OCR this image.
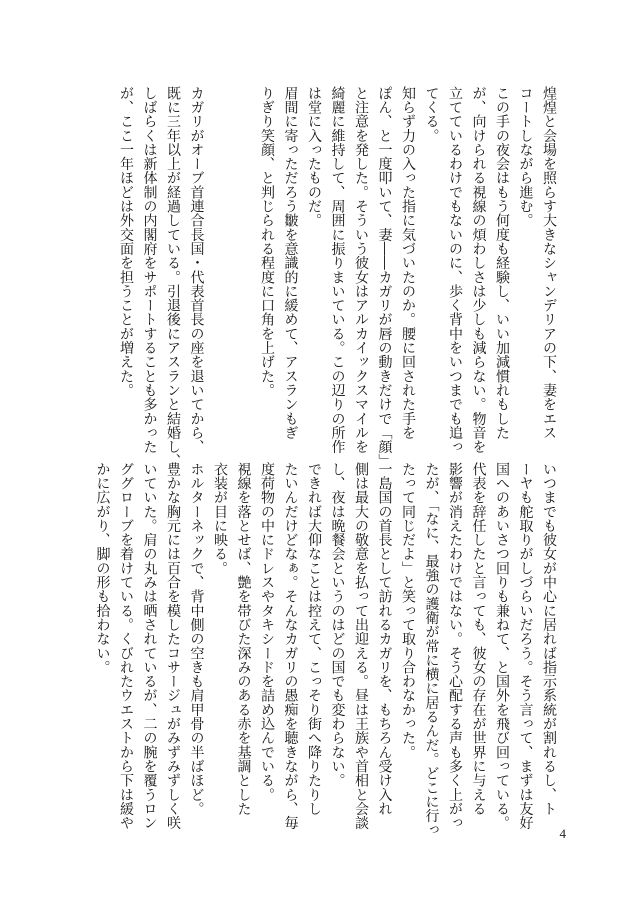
煌煌と会場を照らす大きなシャンデリアの下、妻をエス
コートしながら進む。
この手の夜会はもう何度も経験し、いい加減慣れもした
が、向けられる視線の煩わしさは少しも減らない。物音を
立てているわけでもないのに、歩く背中をいつまでも追っ
てくる。
知らず力の入った指に気づいたのか。腰に回された手を
ぽん、と一度叩いて、妻――カガリが唇の動きだけで「顔」
と注意を発した。そういう彼女はアルカイックスマイルを
綺麗に維持して、周囲に振りまいている。この辺りの所作
は堂に入ったものだ。
眉間に寄っただろう皺を意識的に緩めて、アスランもぎ
りぎり笑顔、と判じられる程度に口角を上げた。
カガリがオーブ首連合長国・代表首長の座を退いてから、
既に三年以上が経過している。引退後にアスランと結婚し、
しばらくは新体制の内閣府をサポートすることも多かった
が、ここ一年ほどは外交面を担うことが増えた。
いつまでも彼女が中心に居れば指示系統が割れるし、ト
ーヤも舵取りがしづらいだろう。そう言って、まずは友好
国へのあいさつ回りも兼ねて、と国外を飛び回っている。
代表を辞任したと言っても、彼女の存在が世界に与える
影響が消えたわけではない。そう心配する声も多く上がっ
たが、「なに、最強の護衛が常に横に居るんだ。どこに行っ
たって同じだよ」と笑って取り合わなかった。
一島国の首長として訪れるカガリを、もちろん受け入れ
側は最大の敬意を払って出迎える。昼は王族や首相と会談
し、夜は晩餐会というのはどの国でも変わらない。
できれば大仰なことは控えて、こっそり街へ降りたりし
たいんだけどなぁ。そんなカガリの愚痴を聴きながら、毎
度荷物の中にドレスやタキシードを詰め込んでいる。
視線を落とせば、艶を帯びた深みのある赤を基調とした
衣装が目に映る。
ホルターネックで、背中側の空きも肩甲骨の半ばほど。
豊かな胸元には百合を模したコサージュがみずみずしく咲
いていた。肩の丸みは晒されているが、二の腕を覆うロン
ググローブを着けている。くびれたウエストから下は緩や
かに広がり、脚の形も拾わない。
4
